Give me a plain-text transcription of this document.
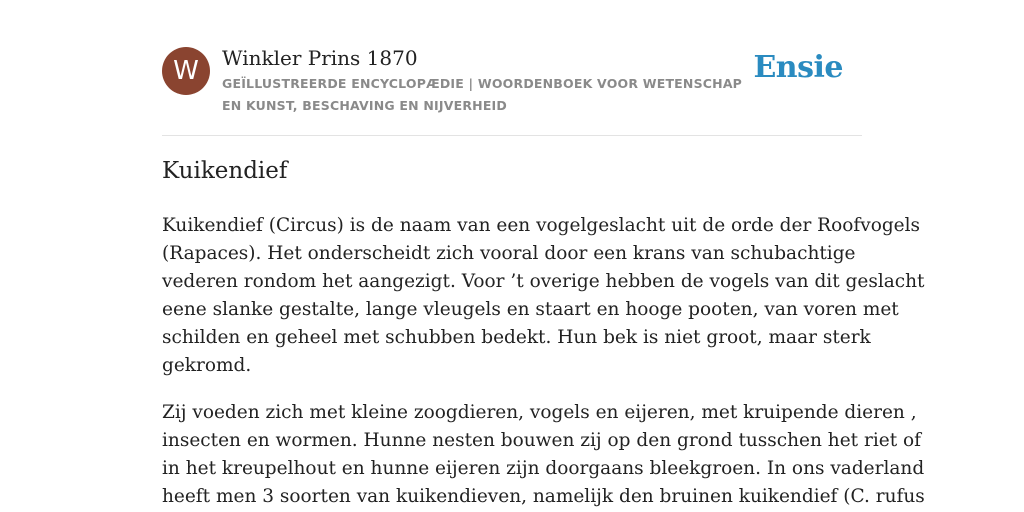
W	Winkler Prins 1870
GEÏLLUSTREERDE ENCYCLOPÆDIE | WOORDENBOEK VOOR WETENSCHAP EN KUNST, BESCHAVING EN NIJVERHEID
Ensie
Kuikendief

Kuikendief (Circus) is de naam van een vogelgeslacht uit de orde der Roofvogels
(Rapaces). Het onderscheidt zich vooral door een krans van schubachtige
vederen rondom het aangezigt. Voor ’t overige hebben de vogels van dit geslacht
eene slanke gestalte, lange vleugels en staart en hooge pooten, van voren met
schilden en geheel met schubben bedekt. Hun bek is niet groot, maar sterk
gekromd.

Zij voeden zich met kleine zoogdieren, vogels en eijeren, met kruipende dieren ,
insecten en wormen. Hunne nesten bouwen zij op den grond tusschen het riet of
in het kreupelhout en hunne eijeren zijn doorgaans bleekgroen. In ons vaderland
heeft men 3 soorten van kuikendieven, namelijk den bruinen kuikendief (C. rufus
